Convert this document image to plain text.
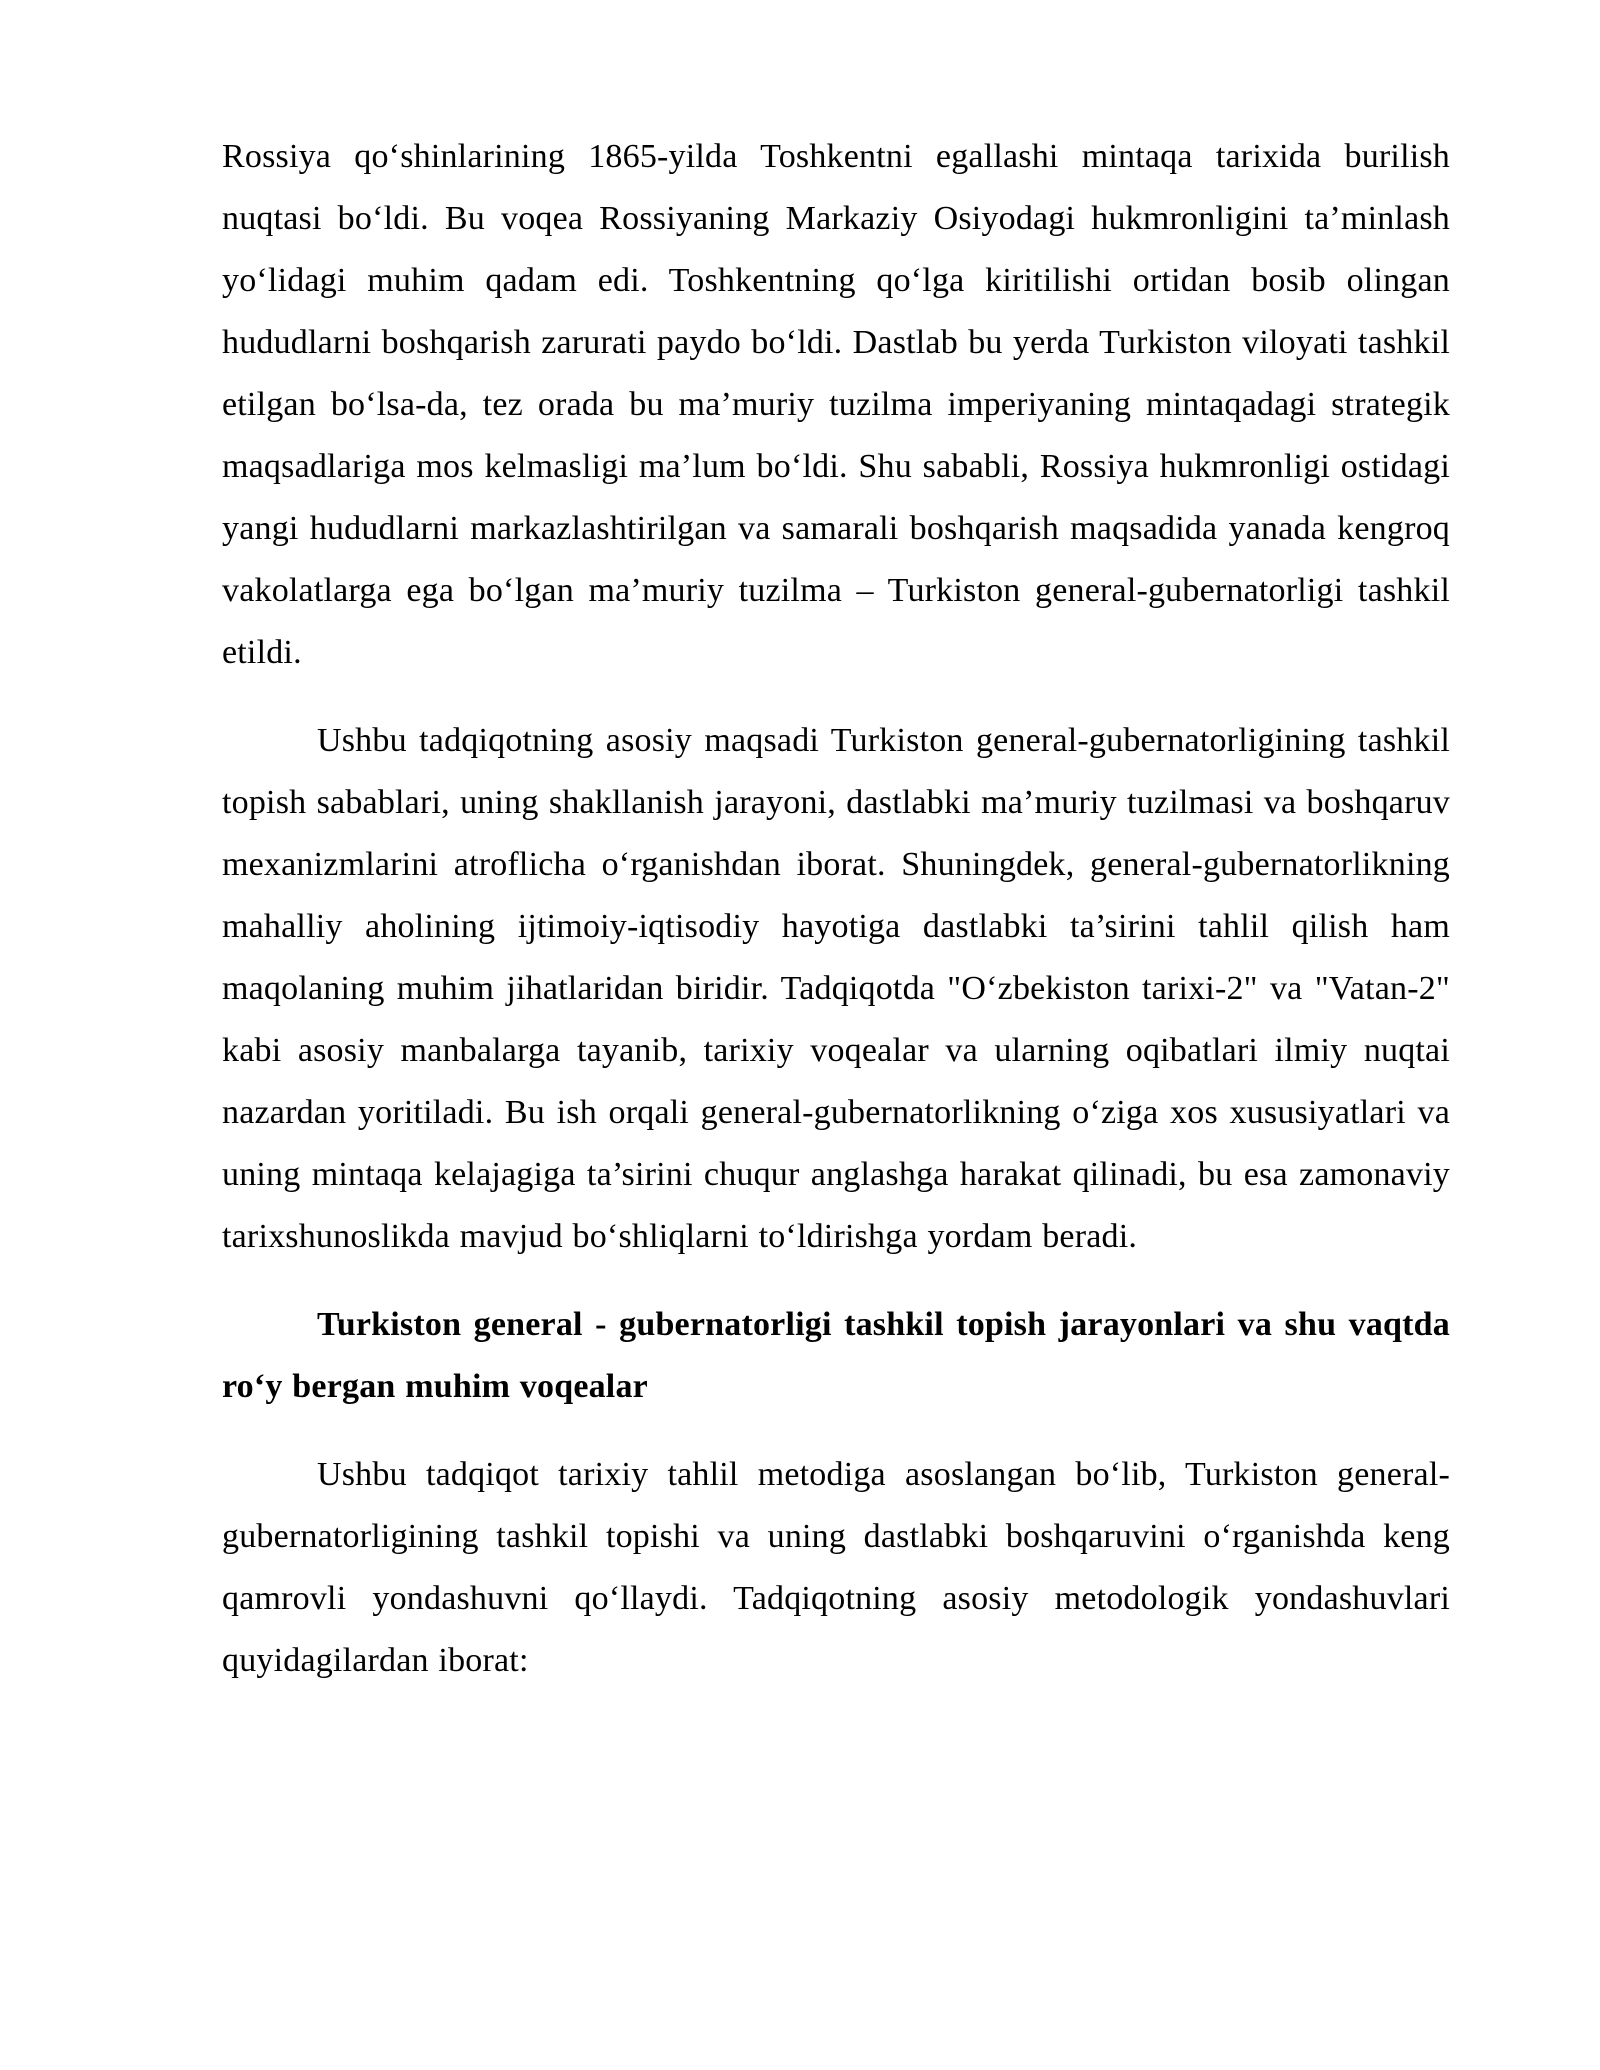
Rossiya qo‘shinlarining 1865-yilda Toshkentni egallashi mintaqa tarixida burilish nuqtasi bo‘ldi. Bu voqea Rossiyaning Markaziy Osiyodagi hukmronligini ta’minlash yo‘lidagi muhim qadam edi. Toshkentning qo‘lga kiritilishi ortidan bosib olingan hududlarni boshqarish zarurati paydo bo‘ldi. Dastlab bu yerda Turkiston viloyati tashkil etilgan bo‘lsa-da, tez orada bu ma’muriy tuzilma imperiyaning mintaqadagi strategik maqsadlariga mos kelmasligi ma’lum bo‘ldi. Shu sababli, Rossiya hukmronligi ostidagi yangi hududlarni markazlashtirilgan va samarali boshqarish maqsadida yanada kengroq vakolatlarga ega bo‘lgan ma’muriy tuzilma – Turkiston general-gubernatorligi tashkil etildi.

Ushbu tadqiqotning asosiy maqsadi Turkiston general-gubernatorligining tashkil topish sabablari, uning shakllanish jarayoni, dastlabki ma’muriy tuzilmasi va boshqaruv mexanizmlarini atroflicha o‘rganishdan iborat. Shuningdek, general-gubernatorlikning mahalliy aholining ijtimoiy-iqtisodiy hayotiga dastlabki ta’sirini tahlil qilish ham maqolaning muhim jihatlaridan biridir. Tadqiqotda "O‘zbekiston tarixi-2" va "Vatan-2" kabi asosiy manbalarga tayanib, tarixiy voqealar va ularning oqibatlari ilmiy nuqtai nazardan yoritiladi. Bu ish orqali general-gubernatorlikning o‘ziga xos xususiyatlari va uning mintaqa kelajagiga ta’sirini chuqur anglashga harakat qilinadi, bu esa zamonaviy tarixshunoslikda mavjud bo‘shliqlarni to‘ldirishga yordam beradi.

Turkiston general - gubernatorligi tashkil topish jarayonlari va shu vaqtda ro‘y bergan muhim voqealar

Ushbu tadqiqot tarixiy tahlil metodiga asoslangan bo‘lib, Turkiston general-gubernatorligining tashkil topishi va uning dastlabki boshqaruvini o‘rganishda keng qamrovli yondashuvni qo‘llaydi. Tadqiqotning asosiy metodologik yondashuvlari quyidagilardan iborat:
